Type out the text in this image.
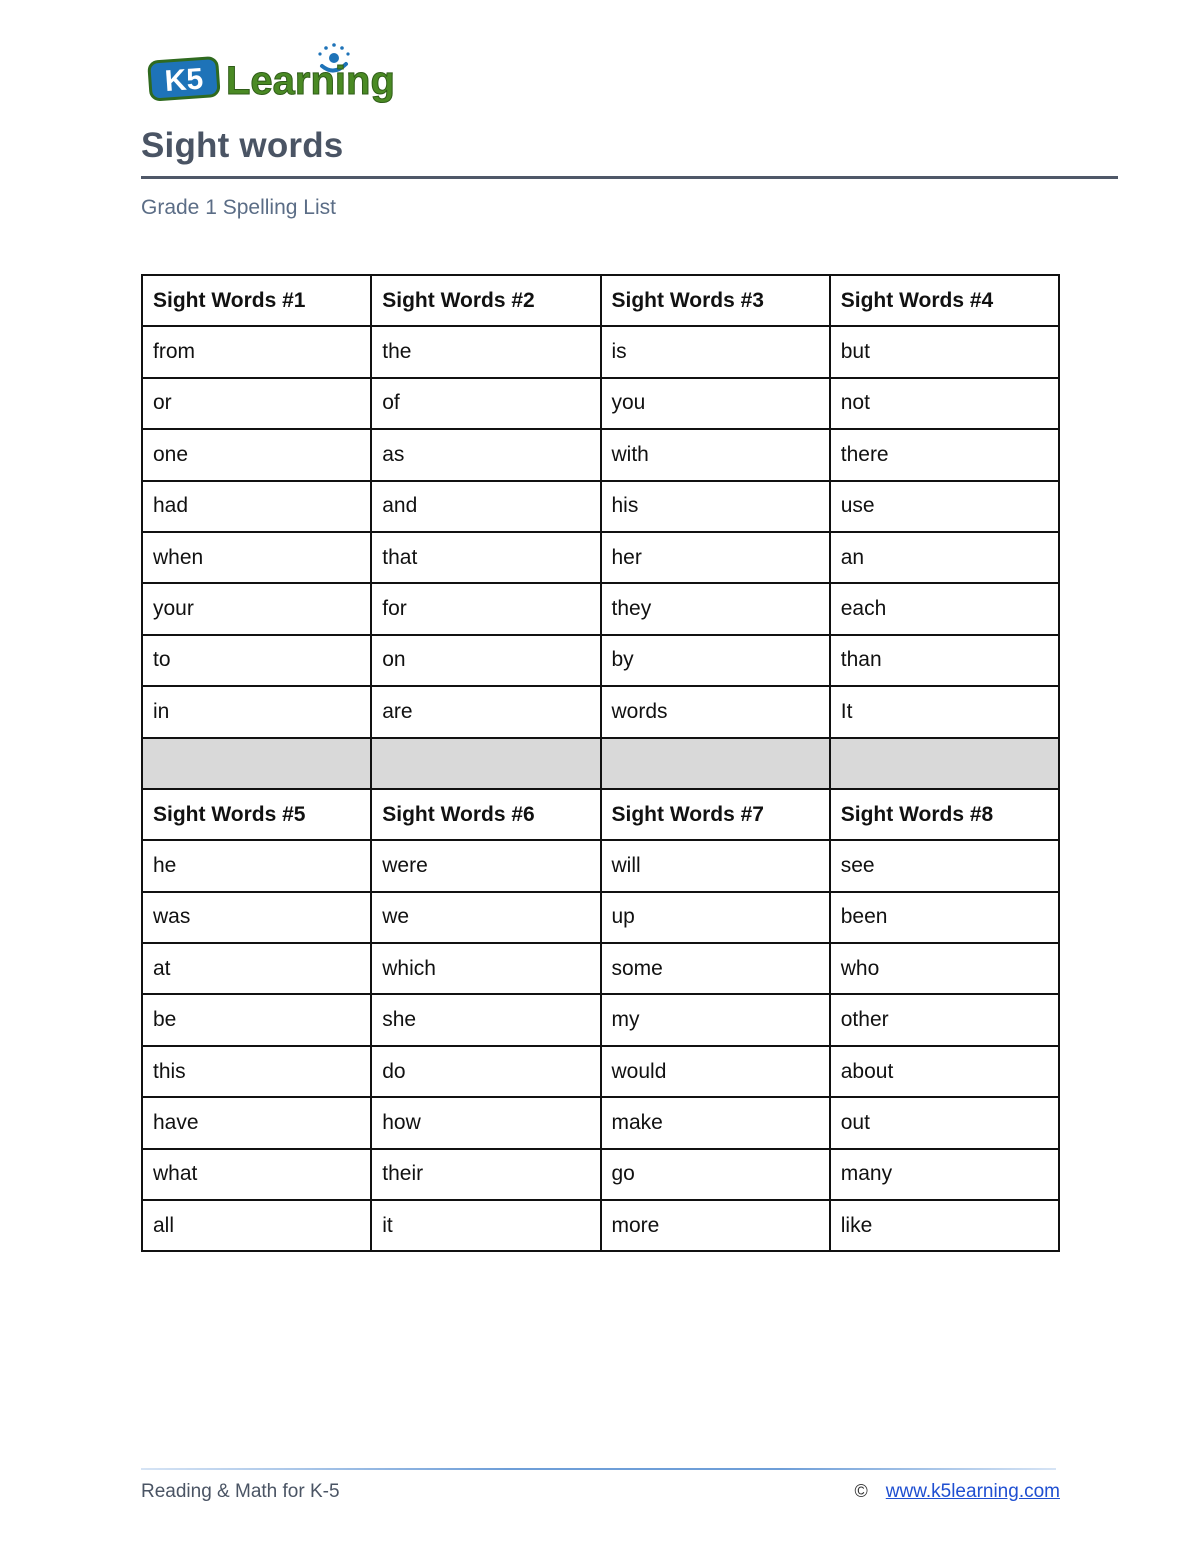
K5 Learning
Sight words
Grade 1 Spelling List
Sight Words #1	Sight Words #2	Sight Words #3	Sight Words #4
from	the	is	but
or	of	you	not
one	as	with	there
had	and	his	use
when	that	her	an
your	for	they	each
to	on	by	than
in	are	words	It

Sight Words #5	Sight Words #6	Sight Words #7	Sight Words #8
he	were	will	see
was	we	up	been
at	which	some	who
be	she	my	other
this	do	would	about
have	how	make	out
what	their	go	many
all	it	more	like
Reading & Math for K-5	© www.k5learning.com
